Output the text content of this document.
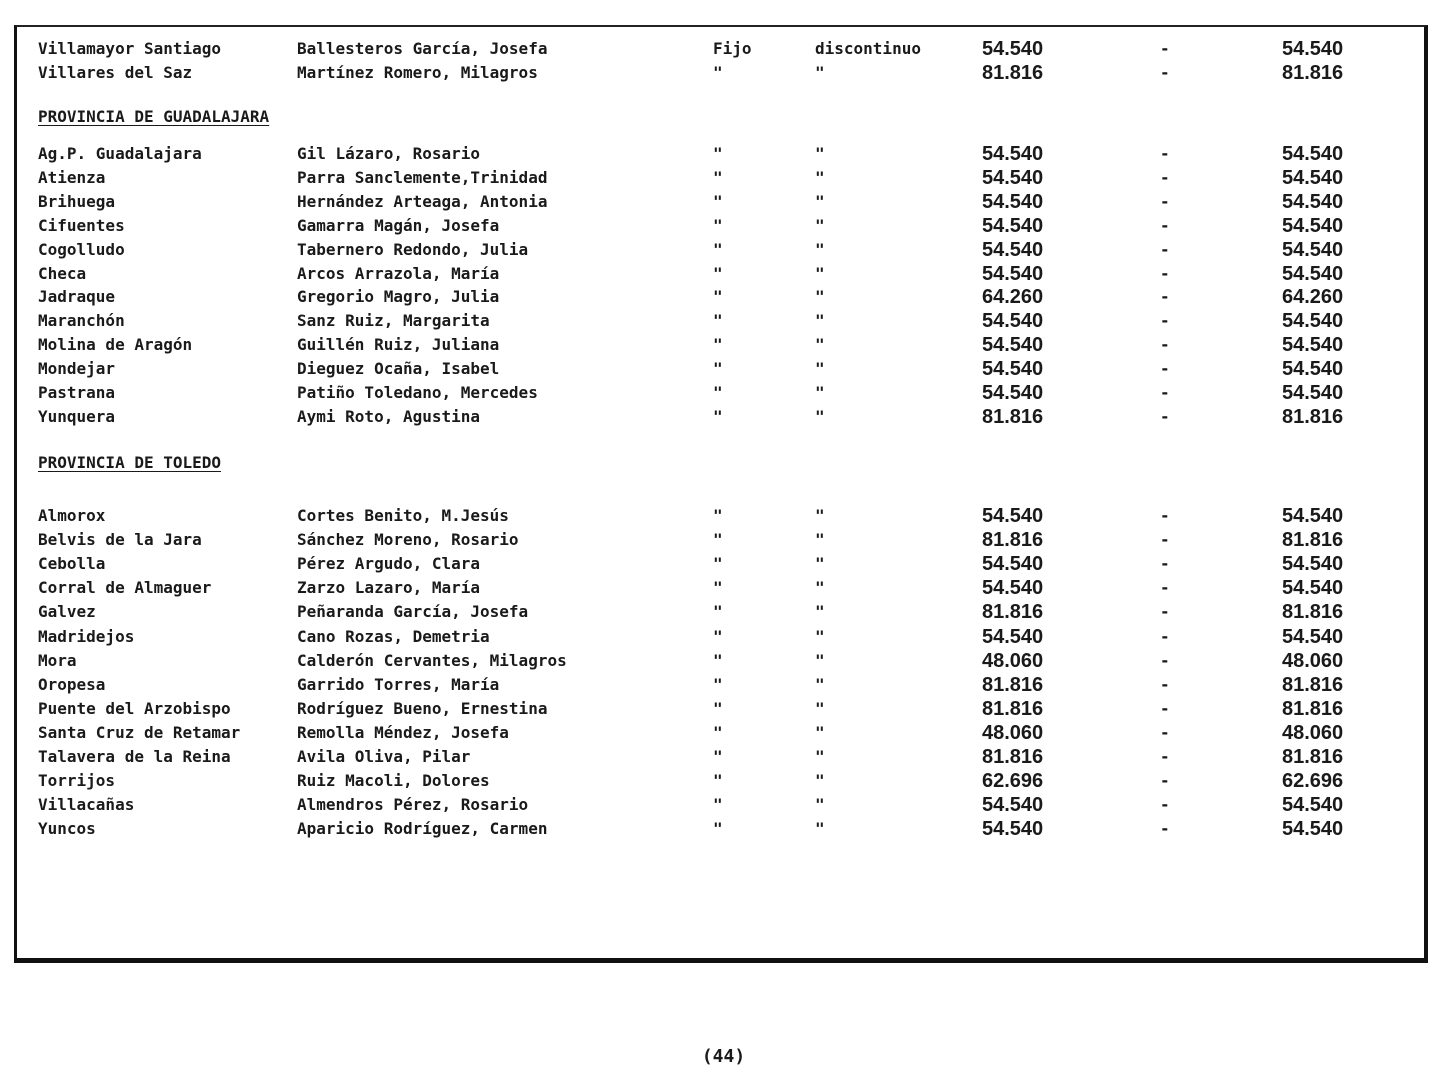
Villamayor Santiago	Ballesteros García, Josefa	Fijo	discontinuo	54.540	-	54.540
Villares del Saz	Martínez Romero, Milagros	"	"	81.816	-	81.816
PROVINCIA DE GUADALAJARA
Ag.P. Guadalajara	Gil Lázaro, Rosario	"	"	54.540	-	54.540
Atienza	Parra Sanclemente,Trinidad	"	"	54.540	-	54.540
Brihuega	Hernández Arteaga, Antonia	"	"	54.540	-	54.540
Cifuentes	Gamarra Magán, Josefa	"	"	54.540	-	54.540
Cogolludo	Tabernero Redondo, Julia	"	"	54.540	-	54.540
Checa	Arcos Arrazola, María	"	"	54.540	-	54.540
Jadraque	Gregorio Magro, Julia	"	"	64.260	-	64.260
Maranchón	Sanz Ruiz, Margarita	"	"	54.540	-	54.540
Molina de Aragón	Guillén Ruiz, Juliana	"	"	54.540	-	54.540
Mondejar	Dieguez Ocaña, Isabel	"	"	54.540	-	54.540
Pastrana	Patiño Toledano, Mercedes	"	"	54.540	-	54.540
Yunquera	Aymi Roto, Agustina	"	"	81.816	-	81.816
PROVINCIA DE TOLEDO
Almorox	Cortes Benito, M.Jesús	"	"	54.540	-	54.540
Belvis de la Jara	Sánchez Moreno, Rosario	"	"	81.816	-	81.816
Cebolla	Pérez Argudo, Clara	"	"	54.540	-	54.540
Corral de Almaguer	Zarzo Lazaro, María	"	"	54.540	-	54.540
Galvez	Peñaranda García, Josefa	"	"	81.816	-	81.816
Madridejos	Cano Rozas, Demetria	"	"	54.540	-	54.540
Mora	Calderón Cervantes, Milagros	"	"	48.060	-	48.060
Oropesa	Garrido Torres, María	"	"	81.816	-	81.816
Puente del Arzobispo	Rodríguez Bueno, Ernestina	"	"	81.816	-	81.816
Santa Cruz de Retamar	Remolla Méndez, Josefa	"	"	48.060	-	48.060
Talavera de la Reina	Avila Oliva, Pilar	"	"	81.816	-	81.816
Torrijos	Ruiz Macoli, Dolores	"	"	62.696	-	62.696
Villacañas	Almendros Pérez, Rosario	"	"	54.540	-	54.540
Yuncos	Aparicio Rodríguez, Carmen	"	"	54.540	-	54.540
(44)
